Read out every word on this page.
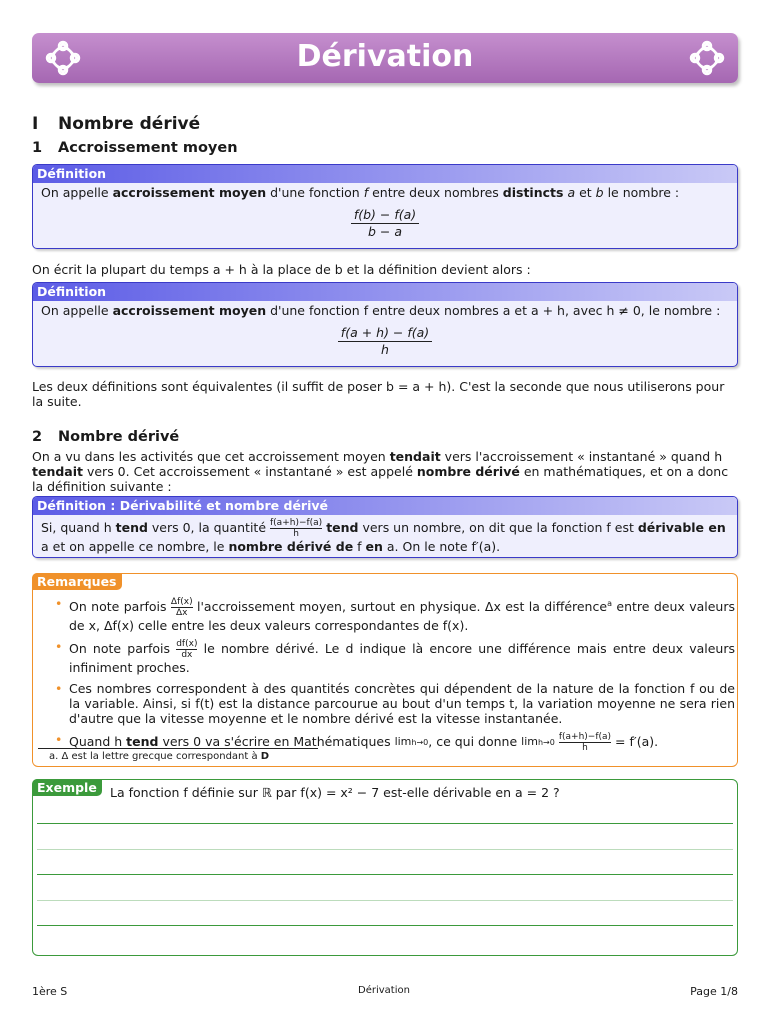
Dérivation
I Nombre dérivé
1 Accroissement moyen
Définition
On appelle accroissement moyen d'une fonction f entre deux nombres distincts a et b le nombre :
$\frac{f(b) - f(a)}{b - a}$

On écrit la plupart du temps a + h à la place de b et la définition devient alors :

Définition
On appelle accroissement moyen d'une fonction f entre deux nombres a et a + h, avec h ≠ 0, le nombre :
$\frac{f(a + h) - f(a)}{h}$

Les deux définitions sont équivalentes (il suffit de poser b = a + h). C'est la seconde que nous utiliserons pour la suite.

2 Nombre dérivé

On a vu dans les activités que cet accroissement moyen tendait vers l'accroissement « instantané » quand h tendait vers 0. Cet accroissement « instantané » est appelé nombre dérivé en mathématiques, et on a donc la définition suivante :

Définition : Dérivabilité et nombre dérivé
Si, quand h tend vers 0, la quantité $\frac{f(a+h)-f(a)}{h}$ tend vers un nombre, on dit que la fonction f est dérivable en a et on appelle ce nombre, le nombre dérivé de f en a. On le note f′(a).
• On note parfois $\frac{\Delta f(x)}{\Delta x}$ l'accroissement moyen, surtout en physique. Δx est la différence$^a$ entre deux valeurs de x, Δf(x) celle entre les deux valeurs correspondantes de f(x).
• On note parfois $\frac{df(x)}{dx}$ le nombre dérivé. Le d indique là encore une différence mais entre deux valeurs infiniment proches.
• Ces nombres correspondent à des quantités concrètes qui dépendent de la nature de la fonction f ou de la variable. Ainsi, si f(t) est la distance parcourue au bout d'un temps t, la variation moyenne ne sera rien d'autre que la vitesse moyenne et le nombre dérivé est la vitesse instantanée.
• Quand h tend vers 0 va s'écrire en Mathématiques limh→0, ce qui donne $\lim h\to 0 \frac{f(a+h)-f(a)}{h} = f'(a)$.
a. Δ est la lettre grecque correspondant à D
Remarques
Exemple	La fonction f définie sur ℝ par f(x) = x² − 7 est-elle dérivable en a = 2 ?
1ère S	Dérivation	Page 1/8
